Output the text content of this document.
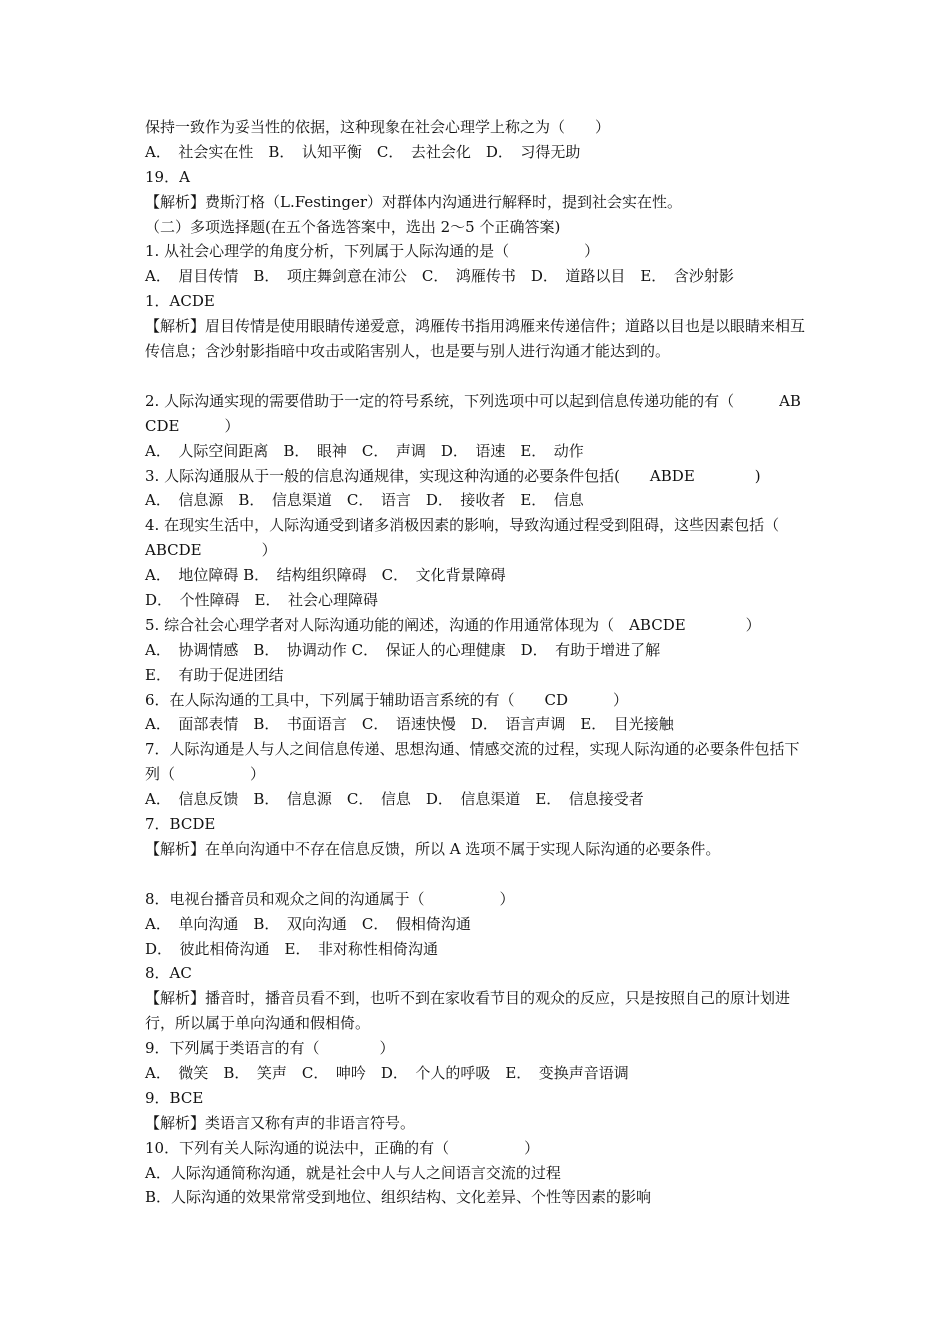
保持一致作为妥当性的依据，这种现象在社会心理学上称之为（　　）
A．　社会实在性　B．　认知平衡　C．　去社会化　D．　习得无助
19．A
【解析】费斯汀格（L.Festinger）对群体内沟通进行解释时，提到社会实在性。
（二）多项选择题(在五个备选答案中，选出 2～5 个正确答案)
1. 从社会心理学的角度分析，下列属于人际沟通的是（　　　　　）
A．　眉目传情　B．　项庄舞剑意在沛公　C．　鸿雁传书　D．　道路以目　E．　含沙射影
1．ACDE
【解析】眉目传情是使用眼睛传递爱意，鸿雁传书指用鸿雁来传递信件；道路以目也是以眼睛来相互传信息；含沙射影指暗中攻击或陷害别人，也是要与别人进行沟通才能达到的。
2. 人际沟通实现的需要借助于一定的符号系统，下列选项中可以起到信息传递功能的有（　　　ABCDE　　　）
A．　人际空间距离　B．　眼神　C．　声调　D．　语速　E．　动作
3. 人际沟通服从于一般的信息沟通规律，实现这种沟通的必要条件包括(　　ABDE　　　　)
A．　信息源　B．　信息渠道　C．　语言　D．　接收者　E．　信息
4. 在现实生活中，人际沟通受到诸多消极因素的影响，导致沟通过程受到阻碍，这些因素包括（　　ABCDE　　　　）
A．　地位障碍 B．　结构组织障碍　C．　文化背景障碍
D．　个性障碍　E．　社会心理障碍
5. 综合社会心理学者对人际沟通功能的阐述，沟通的作用通常体现为（　ABCDE　　　　）
A．　协调情感　B．　协调动作 C．　保证人的心理健康　D．　有助于增进了解
E．　有助于促进团结
6．在人际沟通的工具中，下列属于辅助语言系统的有（　　CD　　　）
A．　面部表情　B．　书面语言　C．　语速快慢　D．　语言声调　E．　目光接触
7．人际沟通是人与人之间信息传递、思想沟通、情感交流的过程，实现人际沟通的必要条件包括下列（　　　　　）
A．　信息反馈　B．　信息源　C．　信息　D．　信息渠道　E．　信息接受者
7．BCDE
【解析】在单向沟通中不存在信息反馈，所以 A 选项不属于实现人际沟通的必要条件。
8．电视台播音员和观众之间的沟通属于（　　　　　）
A．　单向沟通　B．　双向沟通　C．　假相倚沟通
D．　彼此相倚沟通　E．　非对称性相倚沟通
8．AC
【解析】播音时，播音员看不到，也听不到在家收看节目的观众的反应，只是按照自己的原计划进行，所以属于单向沟通和假相倚。
9．下列属于类语言的有（　　　　）
A．　微笑　B．　笑声　C．　呻吟　D．　个人的呼吸　E．　变换声音语调
9．BCE
【解析】类语言又称有声的非语言符号。
10．下列有关人际沟通的说法中，正确的有（　　　　　）
A．人际沟通简称沟通，就是社会中人与人之间语言交流的过程
B．人际沟通的效果常常受到地位、组织结构、文化差异、个性等因素的影响
